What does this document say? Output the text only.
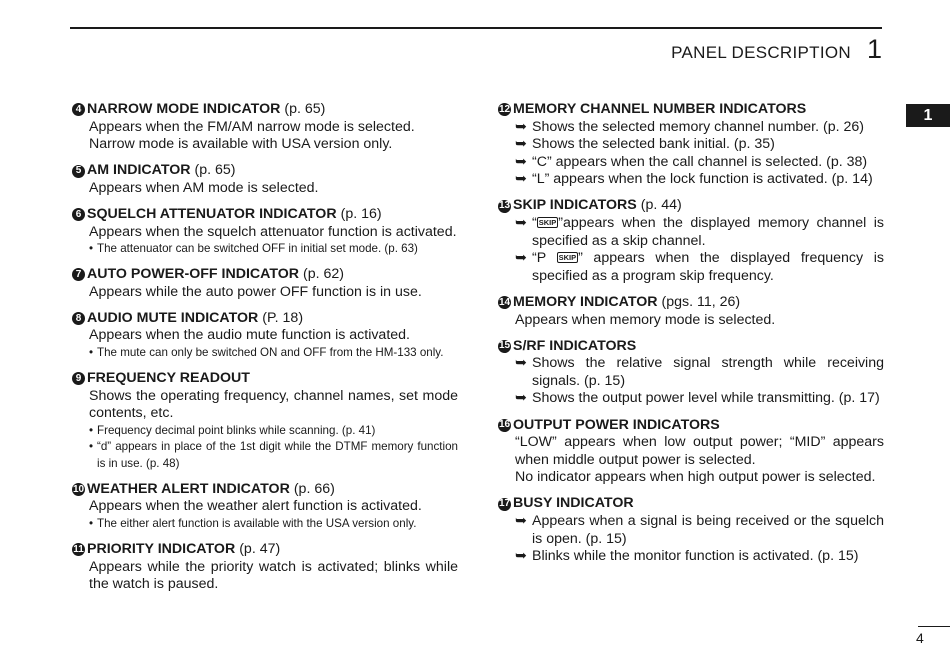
PANEL DESCRIPTION 1
1
4 NARROW MODE INDICATOR (p. 65)
Appears when the FM/AM narrow mode is selected.
Narrow mode is available with USA version only.
5 AM INDICATOR (p. 65)
Appears when AM mode is selected.
6 SQUELCH ATTENUATOR INDICATOR (p. 16)
Appears when the squelch attenuator function is activated.
• The attenuator can be switched OFF in initial set mode. (p. 63)
7 AUTO POWER-OFF INDICATOR (p. 62)
Appears while the auto power OFF function is in use.
8 AUDIO MUTE INDICATOR (P. 18)
Appears when the audio mute function is activated.
• The mute can only be switched ON and OFF from the HM-133 only.
9 FREQUENCY READOUT
Shows the operating frequency, channel names, set mode contents, etc.
• Frequency decimal point blinks while scanning. (p. 41)
• “d” appears in place of the 1st digit while the DTMF memory function is in use. (p. 48)
10 WEATHER ALERT INDICATOR (p. 66)
Appears when the weather alert function is activated.
• The either alert function is available with the USA version only.
11 PRIORITY INDICATOR (p. 47)
Appears while the priority watch is activated; blinks while the watch is paused.
12 MEMORY CHANNEL NUMBER INDICATORS
➥ Shows the selected memory channel number. (p. 26)
➥ Shows the selected bank initial. (p. 35)
➥ “C” appears when the call channel is selected. (p. 38)
➥ “L” appears when the lock function is activated. (p. 14)
13 SKIP INDICATORS (p. 44)
➥ “ SKIP ”appears when the displayed memory channel is specified as a skip channel.
➥ “P SKIP ” appears when the displayed frequency is specified as a program skip frequency.
14 MEMORY INDICATOR (pgs. 11, 26)
Appears when memory mode is selected.
15 S/RF INDICATORS
➥ Shows the relative signal strength while receiving signals. (p. 15)
➥ Shows the output power level while transmitting. (p. 17)
16 OUTPUT POWER INDICATORS
“LOW” appears when low output power; “MID” appears when middle output power is selected.
No indicator appears when high output power is selected.
17 BUSY INDICATOR
➥ Appears when a signal is being received or the squelch is open. (p. 15)
➥ Blinks while the monitor function is activated. (p. 15)
4
